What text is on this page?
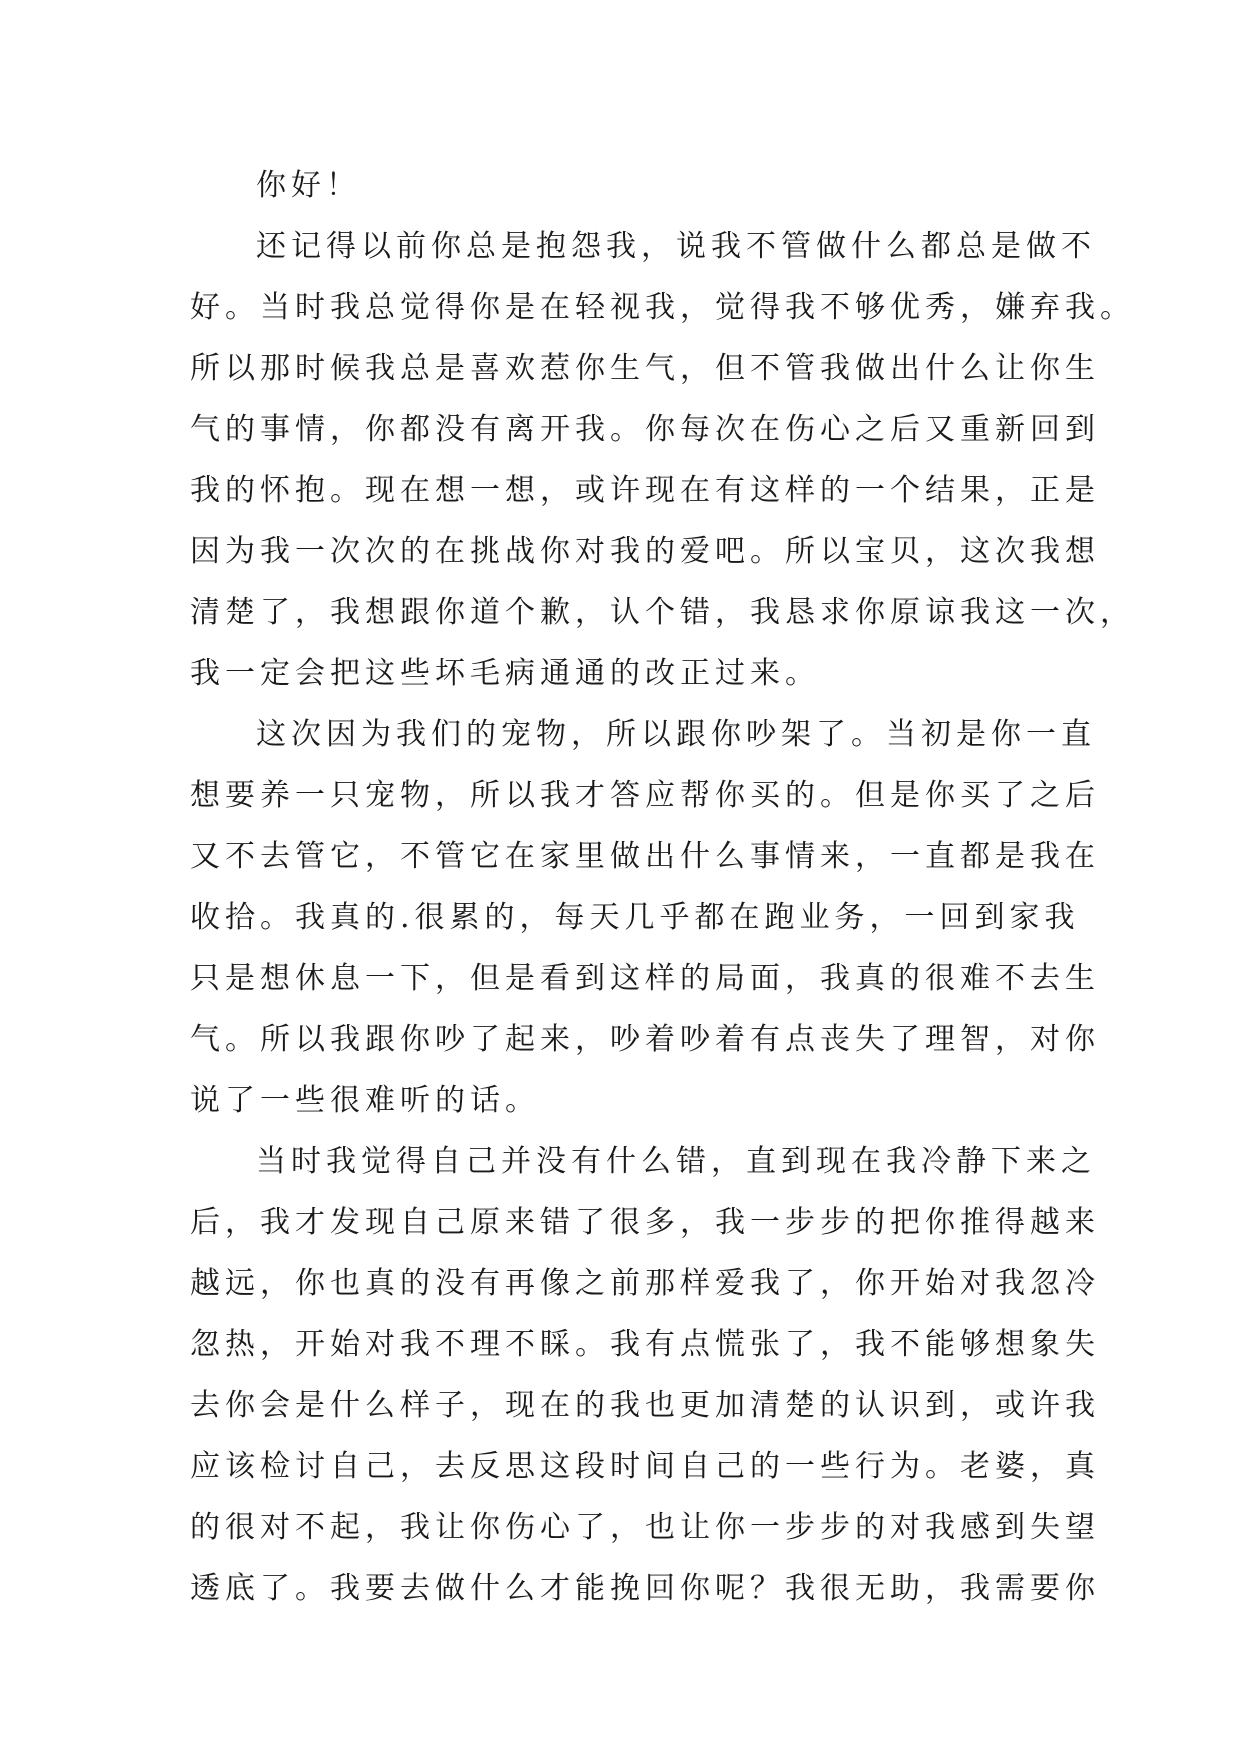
你好！
还记得以前你总是抱怨我，说我不管做什么都总是做不
好。当时我总觉得你是在轻视我，觉得我不够优秀，嫌弃我。
所以那时候我总是喜欢惹你生气，但不管我做出什么让你生
气的事情，你都没有离开我。你每次在伤心之后又重新回到
我的怀抱。现在想一想，或许现在有这样的一个结果，正是
因为我一次次的在挑战你对我的爱吧。所以宝贝，这次我想
清楚了，我想跟你道个歉，认个错，我恳求你原谅我这一次，
我一定会把这些坏毛病通通的改正过来。
这次因为我们的宠物，所以跟你吵架了。当初是你一直
想要养一只宠物，所以我才答应帮你买的。但是你买了之后
又不去管它，不管它在家里做出什么事情来，一直都是我在
收拾。我真的.很累的，每天几乎都在跑业务，一回到家我
只是想休息一下，但是看到这样的局面，我真的很难不去生
气。所以我跟你吵了起来，吵着吵着有点丧失了理智，对你
说了一些很难听的话。
当时我觉得自己并没有什么错，直到现在我冷静下来之
后，我才发现自己原来错了很多，我一步步的把你推得越来
越远，你也真的没有再像之前那样爱我了，你开始对我忽冷
忽热，开始对我不理不睬。我有点慌张了，我不能够想象失
去你会是什么样子，现在的我也更加清楚的认识到，或许我
应该检讨自己，去反思这段时间自己的一些行为。老婆，真
的很对不起，我让你伤心了，也让你一步步的对我感到失望
透底了。我要去做什么才能挽回你呢？我很无助，我需要你
